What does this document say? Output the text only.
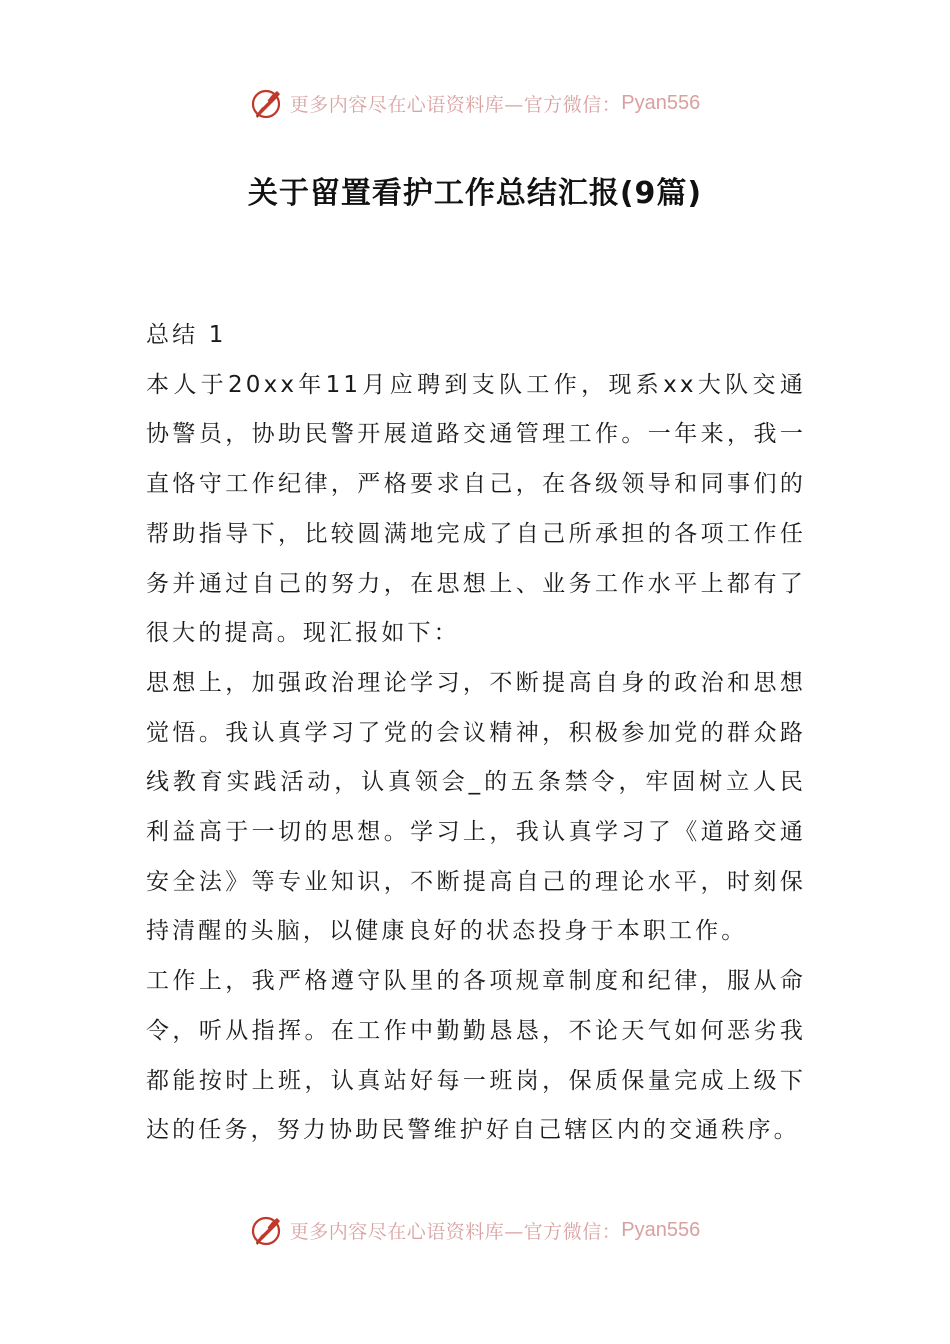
更多内容尽在心语资料库—官方微信： Pyan556
关于留置看护工作总结汇报(9篇)

总结 1

本人于20xx年11月应聘到支队工作，现系xx大队交通协警员，协助民警开展道路交通管理工作。一年来，我一直恪守工作纪律，严格要求自己，在各级领导和同事们的帮助指导下，比较圆满地完成了自己所承担的各项工作任务并通过自己的努力，在思想上、业务工作水平上都有了很大的提高。现汇报如下：

思想上，加强政治理论学习，不断提高自身的政治和思想觉悟。我认真学习了党的会议精神，积极参加党的群众路线教育实践活动，认真领会_的五条禁令，牢固树立人民利益高于一切的思想。学习上，我认真学习了《道路交通安全法》等专业知识，不断提高自己的理论水平，时刻保持清醒的头脑，以健康良好的状态投身于本职工作。

工作上，我严格遵守队里的各项规章制度和纪律，服从命令，听从指挥。在工作中勤勤恳恳，不论天气如何恶劣我都能按时上班，认真站好每一班岗，保质保量完成上级下达的任务，努力协助民警维护好自己辖区内的交通秩序。

更多内容尽在心语资料库—官方微信： Pyan556
